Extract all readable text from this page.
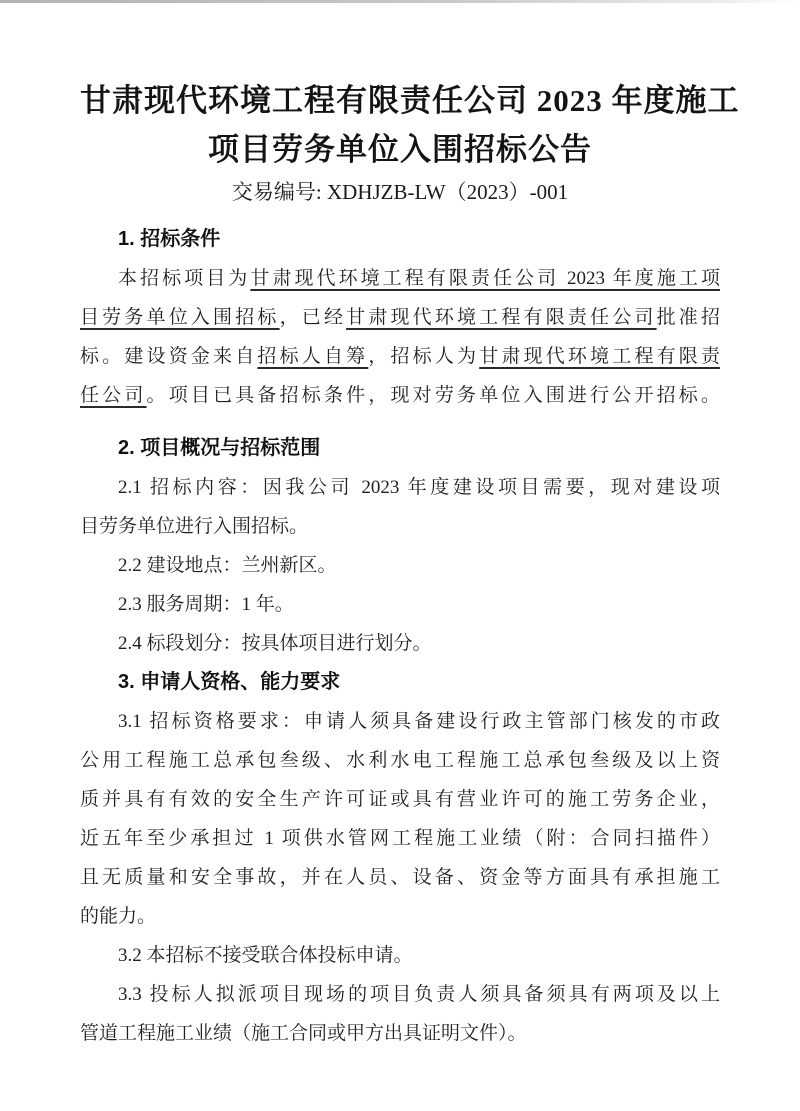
甘肃现代环境工程有限责任公司 2023 年度施工
项目劳务单位入围招标公告
交易编号: XDHJZB-LW（2023）-001
1. 招标条件
本招标项目为甘肃现代环境工程有限责任公司 2023 年度施工项
目劳务单位入围招标，已经甘肃现代环境工程有限责任公司批准招
标。建设资金来自招标人自筹，招标人为甘肃现代环境工程有限责
任公司。项目已具备招标条件，现对劳务单位入围进行公开招标。
2. 项目概况与招标范围
2.1 招标内容：因我公司 2023 年度建设项目需要，现对建设项
目劳务单位进行入围招标。
2.2 建设地点：兰州新区。
2.3 服务周期：1 年。
2.4 标段划分：按具体项目进行划分。
3. 申请人资格、能力要求
3.1 招标资格要求：申请人须具备建设行政主管部门核发的市政
公用工程施工总承包叁级、水利水电工程施工总承包叁级及以上资
质并具有有效的安全生产许可证或具有营业许可的施工劳务企业，
近五年至少承担过 1 项供水管网工程施工业绩（附：合同扫描件）
且无质量和安全事故，并在人员、设备、资金等方面具有承担施工
的能力。
3.2 本招标不接受联合体投标申请。
3.3 投标人拟派项目现场的项目负责人须具备须具有两项及以上
管道工程施工业绩（施工合同或甲方出具证明文件）。
